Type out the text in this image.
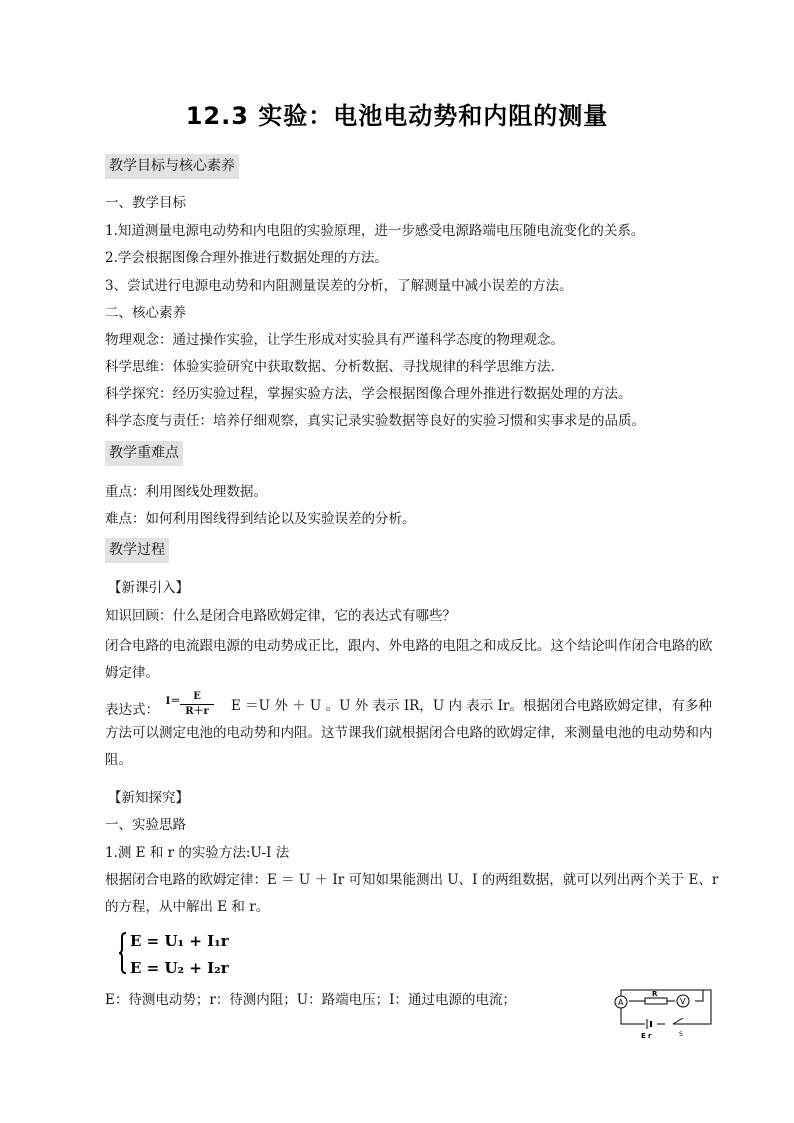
12.3 实验：电池电动势和内阻的测量
教学目标与核心素养
一、教学目标
1.知道测量电源电动势和内电阻的实验原理，进一步感受电源路端电压随电流变化的关系。
2.学会根据图像合理外推进行数据处理的方法。
3、尝试进行电源电动势和内阻测量误差的分析，了解测量中减小误差的方法。
二、核心素养
物理观念：通过操作实验，让学生形成对实验具有严谨科学态度的物理观念。
科学思维：体验实验研究中获取数据、分析数据、寻找规律的科学思维方法．
科学探究：经历实验过程，掌握实验方法，学会根据图像合理外推进行数据处理的方法。
科学态度与责任：培养仔细观察，真实记录实验数据等良好的实验习惯和实事求是的品质。
教学重难点
重点：利用图线处理数据。
难点：如何利用图线得到结论以及实验误差的分析。
教学过程
【新课引入】
知识回顾：什么是闭合电路欧姆定律，它的表达式有哪些？
闭合电路的电流跟电源的电动势成正比，跟内、外电路的电阻之和成反比。这个结论叫作闭合电路的欧姆定律。
表达式：
$I= \frac{E}{R+r}$	E ＝U 外 ＋ U 。U 外 表示 IR，U 内 表示 Ir。根据闭合电路欧姆定律，有多种方法可以测定电池的电动势和内阻。这节课我们就根据闭合电路的欧姆定律，来测量电池的电动势和内阻。
【新知探究】
一、实验思路
1.测 E 和 r 的实验方法:U-I 法
根据闭合电路的欧姆定律：E ＝ U ＋ Ir 可知如果能测出 U、I 的两组数据，就可以列出两个关于 E、r 的方程，从中解出 E 和 r。
E = U₁ + I₁r
E = U₂ + I₂r
E：待测电动势；r：待测内阻；U：路端电压；I：通过电源的电流；	A	V
R
E r	S
